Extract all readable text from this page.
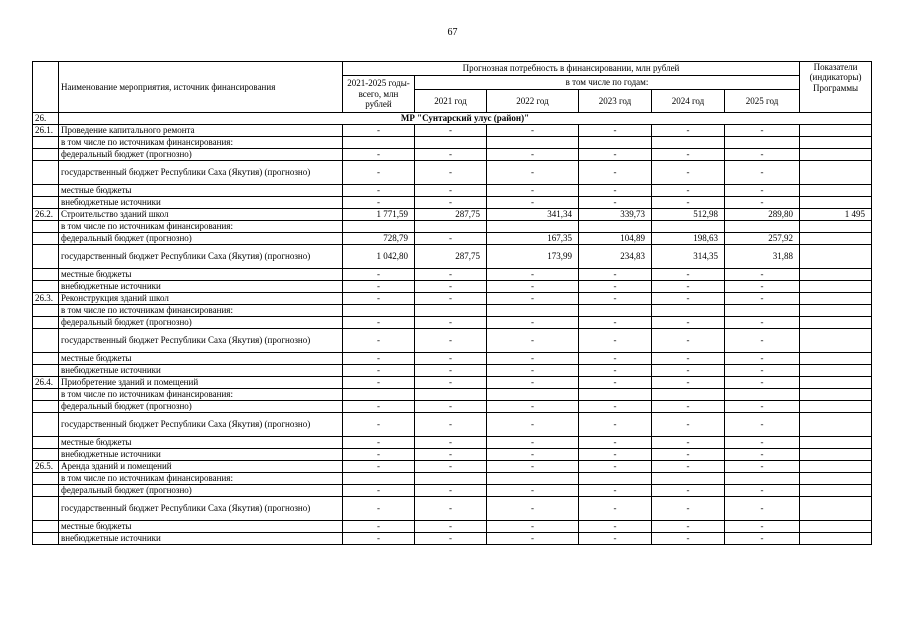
67
	Наименование мероприятия, источник финансирования	Прогнозная потребность в финансировании, млн рублей						Показатели (индикаторы) Программы
		2021-2025 годы- всего, млн рублей	в том числе по годам:					
			2021 год	2022 год	2023 год	2024 год	2025 год	
26.	МР "Сунтарский улус (район)"							
26.1.	Проведение капитального ремонта	-	-	-	-	-	-	
	в том числе по источникам финансирования:							
	федеральный бюджет (прогнозно)	-	-	-	-	-	-	
	государственный бюджет Республики Саха (Якутия) (прогнозно)	-	-	-	-	-	-	
	местные бюджеты	-	-	-	-	-	-	
	внебюджетные источники	-	-	-	-	-	-	
26.2.	Строительство зданий школ	1 771,59	287,75	341,34	339,73	512,98	289,80	1 495
	в том числе по источникам финансирования:							
	федеральный бюджет (прогнозно)	728,79	-	167,35	104,89	198,63	257,92	
	государственный бюджет Республики Саха (Якутия) (прогнозно)	1 042,80	287,75	173,99	234,83	314,35	31,88	
	местные бюджеты	-	-	-	-	-	-	
	внебюджетные источники	-	-	-	-	-	-	
26.3.	Реконструкция зданий школ	-	-	-	-	-	-	
	в том числе по источникам финансирования:							
	федеральный бюджет (прогнозно)	-	-	-	-	-	-	
	государственный бюджет Республики Саха (Якутия) (прогнозно)	-	-	-	-	-	-	
	местные бюджеты	-	-	-	-	-	-	
	внебюджетные источники	-	-	-	-	-	-	
26.4.	Приобретение зданий и помещений	-	-	-	-	-	-	
	в том числе по источникам финансирования:							
	федеральный бюджет (прогнозно)	-	-	-	-	-	-	
	государственный бюджет Республики Саха (Якутия) (прогнозно)	-	-	-	-	-	-	
	местные бюджеты	-	-	-	-	-	-	
	внебюджетные источники	-	-	-	-	-	-	
26.5.	Аренда зданий и помещений	-	-	-	-	-	-	
	в том числе по источникам финансирования:							
	федеральный бюджет (прогнозно)	-	-	-	-	-	-	
	государственный бюджет Республики Саха (Якутия) (прогнозно)	-	-	-	-	-	-	
	местные бюджеты	-	-	-	-	-	-	
	внебюджетные источники	-	-	-	-	-	-	
